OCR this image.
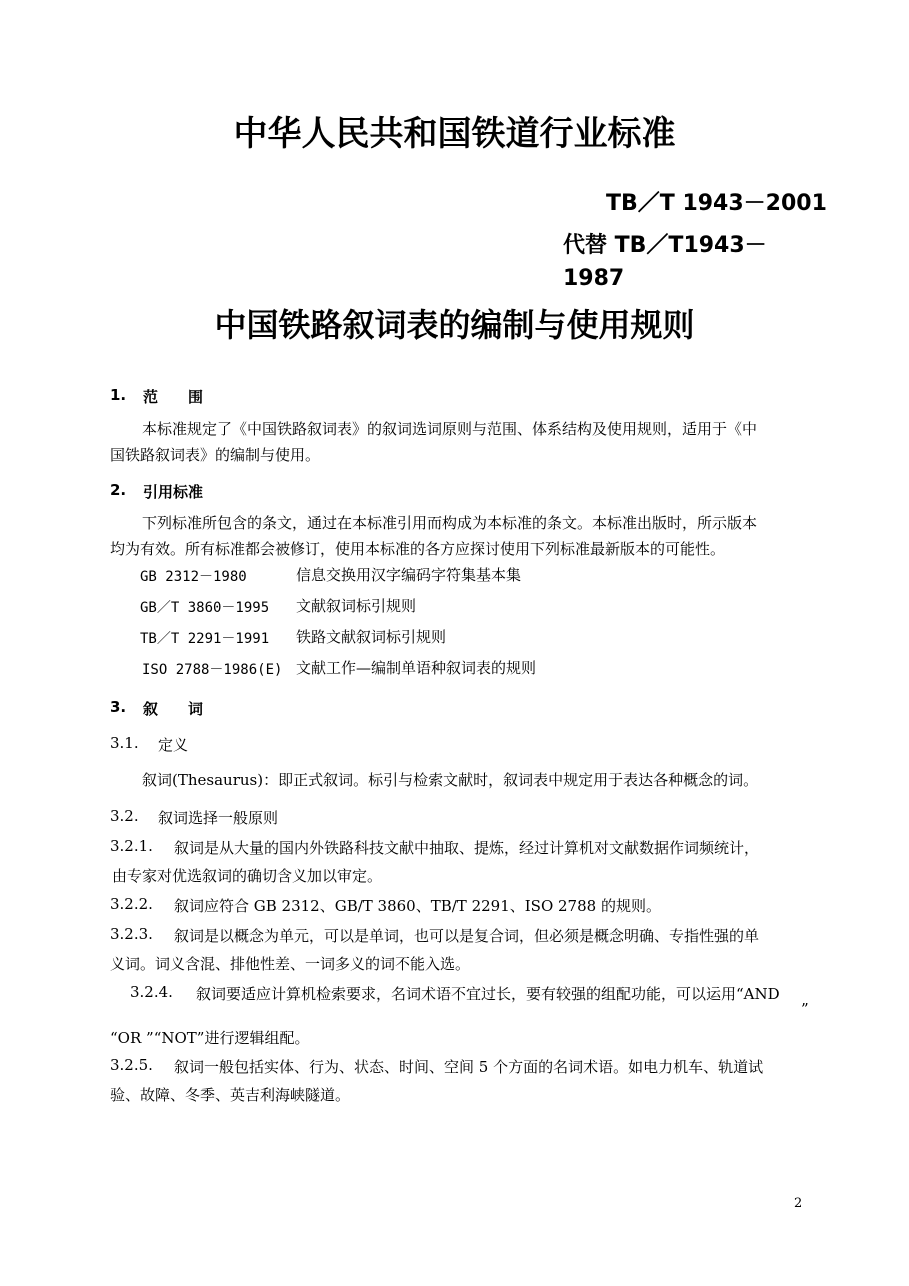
中华人民共和国铁道行业标准
TB／T 1943－2001
代替 TB／T1943－
1987
中国铁路叙词表的编制与使用规则
1. 范　　围
本标准规定了《中国铁路叙词表》的叙词选词原则与范围、体系结构及使用规则，适用于《中
国铁路叙词表》的编制与使用。
2. 引用标准
下列标准所包含的条文，通过在本标准引用而构成为本标准的条文。本标准出版时，所示版本
均为有效。所有标准都会被修订，使用本标准的各方应探讨使用下列标准最新版本的可能性。
GB 2312－1980	信息交换用汉字编码字符集基本集
GB／T 3860－1995 文献叙词标引规则
TB／T 2291－1991 铁路文献叙词标引规则
ISO 2788－1986(E) 文献工作—编制单语种叙词表的规则
3. 叙　　词
3.1. 定义
叙词(Thesaurus)：即正式叙词。标引与检索文献时，叙词表中规定用于表达各种概念的词。
3.2. 叙词选择一般原则
3.2.1. 叙词是从大量的国内外铁路科技文献中抽取、提炼，经过计算机对文献数据作词频统计，
由专家对优选叙词的确切含义加以审定。
3.2.2. 叙词应符合 GB 2312、GB/T 3860、TB/T 2291、ISO 2788 的规则。
3.2.3. 叙词是以概念为单元，可以是单词，也可以是复合词，但必须是概念明确、专指性强的单
义词。词义含混、排他性差、一词多义的词不能入选。
3.2.4. 叙词要适应计算机检索要求，名词术语不宜过长，要有较强的组配功能，可以运用“AND
”
“OR ”“NOT”进行逻辑组配。
3.2.5. 叙词一般包括实体、行为、状态、时间、空间 5 个方面的名词术语。如电力机车、轨道试
验、故障、冬季、英吉利海峡隧道。
2
